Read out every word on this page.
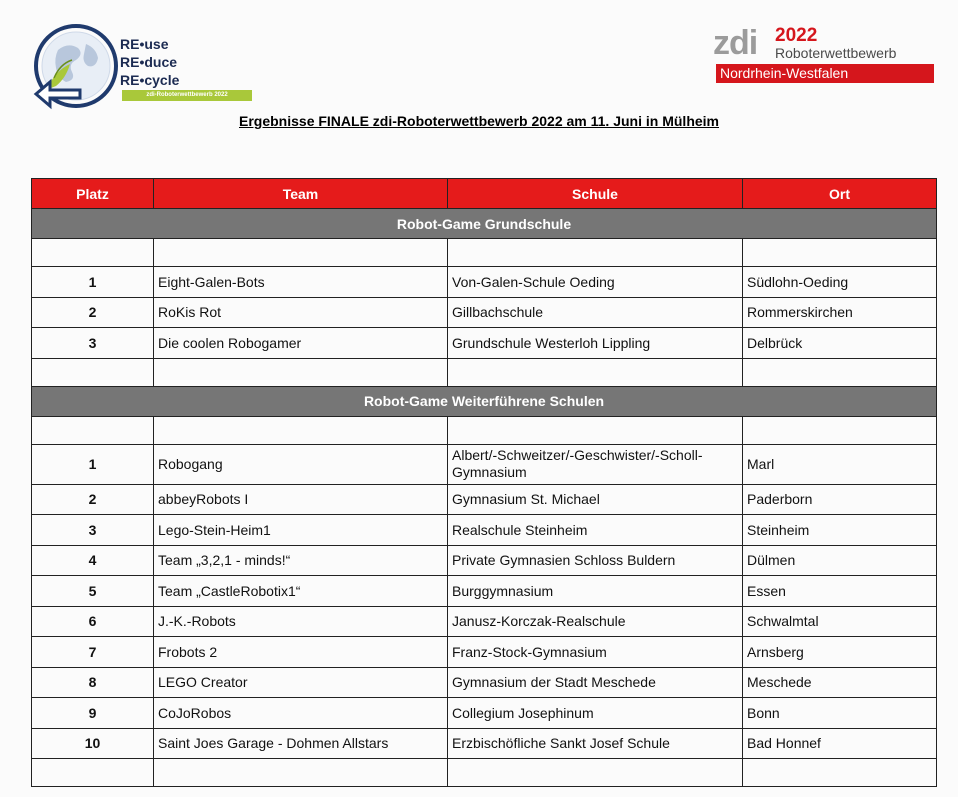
RE•use
RE•duce
RE•cycle
zdi-Roboterwettbewerb 2022
zdi 2022
Roboterwettbewerb
Nordrhein-Westfalen
Ergebnisse FINALE zdi-Roboterwettbewerb 2022 am 11. Juni in Mülheim
Platz	Team	Schule	Ort
Robot-Game Grundschule			

1	Eight-Galen-Bots	Von-Galen-Schule Oeding	Südlohn-Oeding
2	RoKis Rot	Gillbachschule	Rommerskirchen
3	Die coolen Robogamer	Grundschule Westerloh Lippling	Delbrück

Robot-Game Weiterführene Schulen			

1	Robogang	Albert/-Schweitzer/-Geschwister/-Scholl-Gymnasium	Marl
2	abbeyRobots I	Gymnasium St. Michael	Paderborn
3	Lego-Stein-Heim1	Realschule Steinheim	Steinheim
4	Team „3,2,1 - minds!“	Private Gymnasien Schloss Buldern	Dülmen
5	Team „CastleRobotix1“	Burggymnasium	Essen
6	J.-K.-Robots	Janusz-Korczak-Realschule	Schwalmtal
7	Frobots 2	Franz-Stock-Gymnasium	Arnsberg
8	LEGO Creator	Gymnasium der Stadt Meschede	Meschede
9	CoJoRobos	Collegium Josephinum	Bonn
10	Saint Joes Garage - Dohmen Allstars	Erzbischöfliche Sankt Josef Schule	Bad Honnef
